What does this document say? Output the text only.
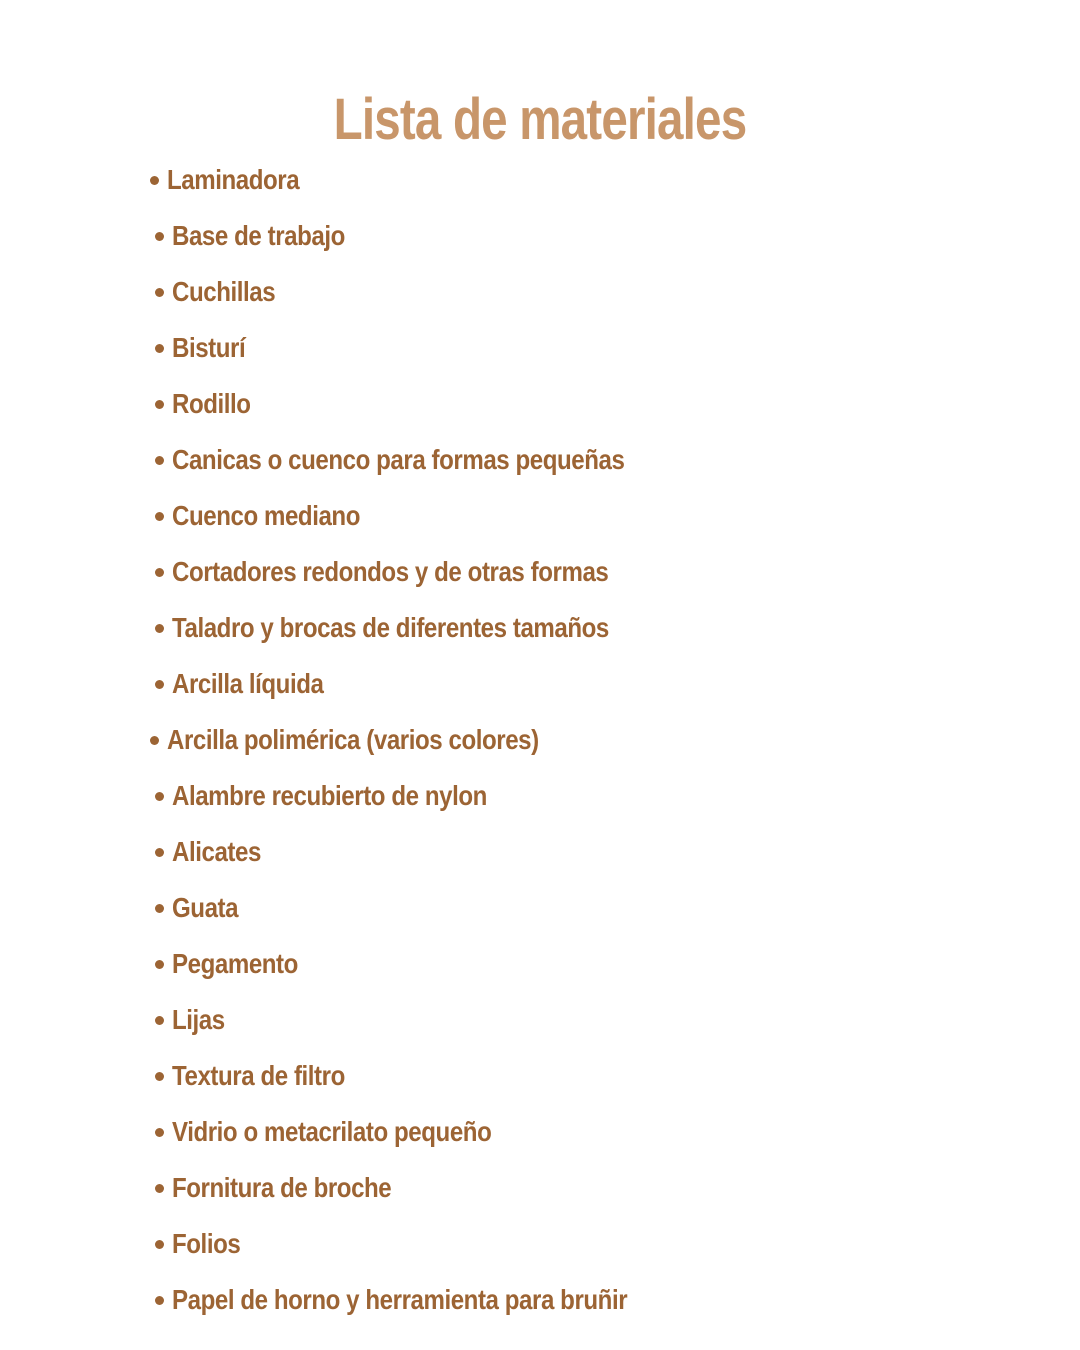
Lista de materiales
Laminadora
Base de trabajo
Cuchillas
Bisturí
Rodillo
Canicas o cuenco para formas pequeñas
Cuenco mediano
Cortadores redondos y de otras formas
Taladro y brocas de diferentes tamaños
Arcilla líquida
Arcilla polimérica (varios colores)
Alambre recubierto de nylon
Alicates
Guata
Pegamento
Lijas
Textura de filtro
Vidrio o metacrilato pequeño
Fornitura de broche
Folios
Papel de horno y herramienta para bruñir
